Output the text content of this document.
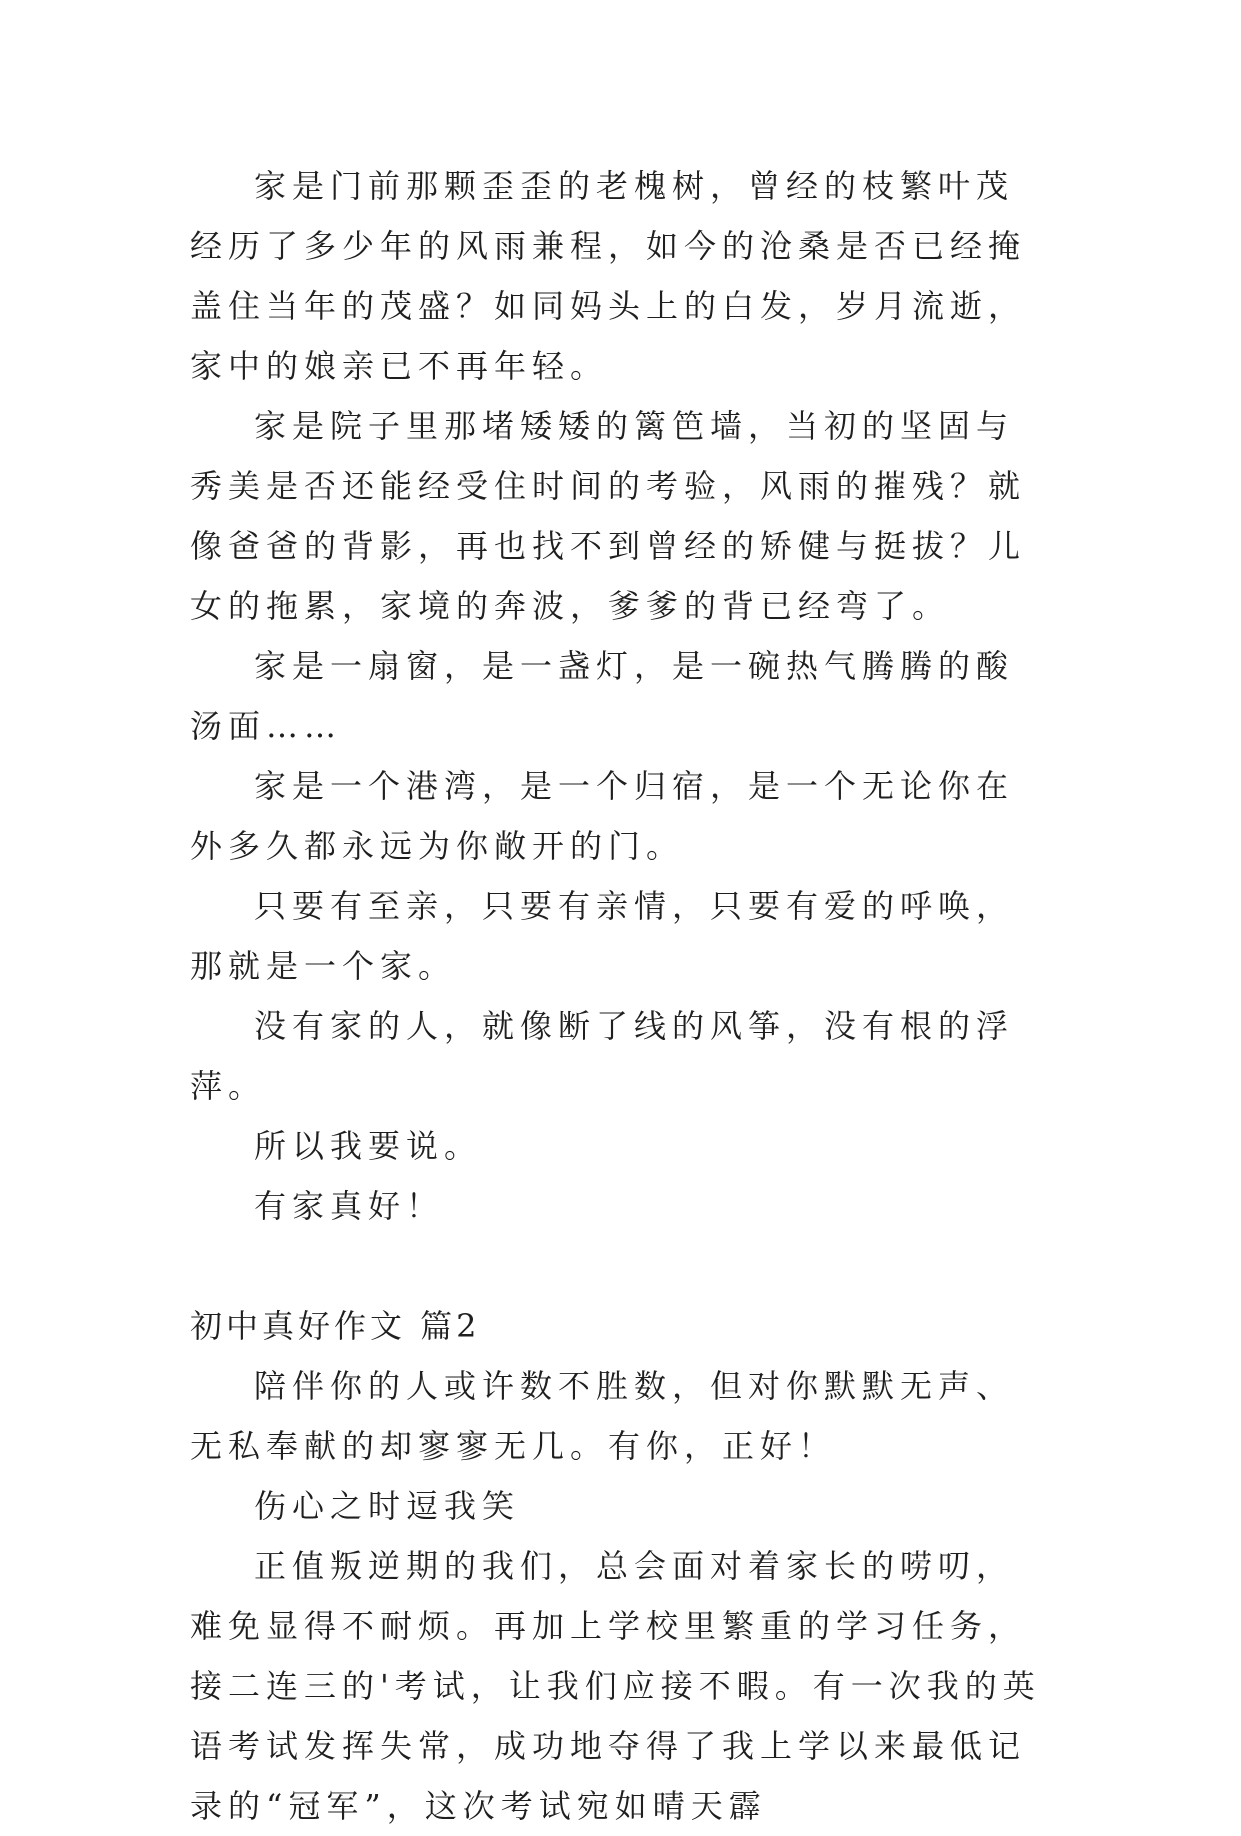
家是门前那颗歪歪的老槐树，曾经的枝繁叶茂经历了多少年的风雨兼程，如今的沧桑是否已经掩盖住当年的茂盛？如同妈头上的白发，岁月流逝，家中的娘亲已不再年轻。

家是院子里那堵矮矮的篱笆墙，当初的坚固与秀美是否还能经受住时间的考验，风雨的摧残？就像爸爸的背影，再也找不到曾经的矫健与挺拔？儿女的拖累，家境的奔波，爹爹的背已经弯了。

家是一扇窗，是一盏灯，是一碗热气腾腾的酸汤面……

家是一个港湾，是一个归宿，是一个无论你在外多久都永远为你敞开的门。

只要有至亲，只要有亲情，只要有爱的呼唤，那就是一个家。

没有家的人，就像断了线的风筝，没有根的浮萍。

所以我要说。

有家真好！

初中真好作文 篇2

陪伴你的人或许数不胜数，但对你默默无声、无私奉献的却寥寥无几。有你，正好！

伤心之时逗我笑

正值叛逆期的我们，总会面对着家长的唠叨，难免显得不耐烦。再加上学校里繁重的学习任务，接二连三的'考试，让我们应接不暇。有一次我的英语考试发挥失常，成功地夺得了我上学以来最低记录的“冠军”，这次考试宛如晴天霹
